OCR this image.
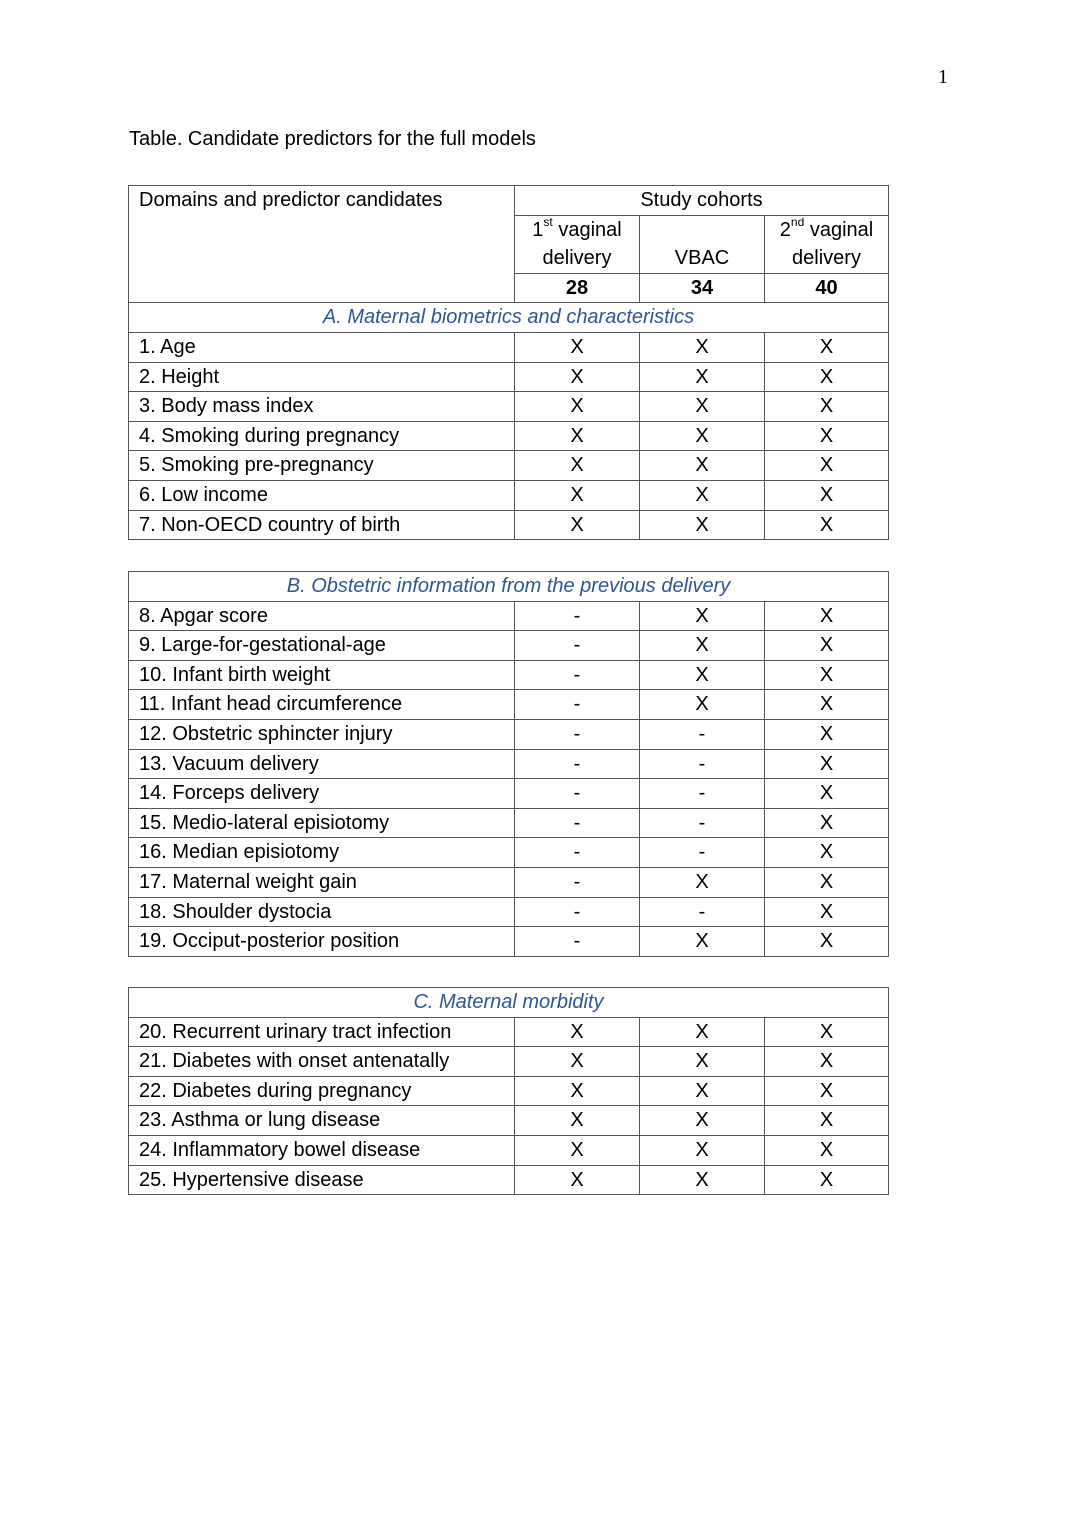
1
Table. Candidate predictors for the full models
Domains and predictor candidates	Study cohorts		
	1st vaginal		2nd vaginal
	delivery	VBAC	delivery
	28	34	40
A. Maternal biometrics and characteristics			
1. Age	X	X	X
2. Height	X	X	X
3. Body mass index	X	X	X
4. Smoking during pregnancy	X	X	X
5. Smoking pre-pregnancy	X	X	X
6. Low income	X	X	X
7. Non-OECD country of birth	X	X	X
B. Obstetric information from the previous delivery			
8. Apgar score	-	X	X
9. Large-for-gestational-age	-	X	X
10. Infant birth weight	-	X	X
11. Infant head circumference	-	X	X
12. Obstetric sphincter injury	-	-	X
13. Vacuum delivery	-	-	X
14. Forceps delivery	-	-	X
15. Medio-lateral episiotomy	-	-	X
16. Median episiotomy	-	-	X
17. Maternal weight gain	-	X	X
18. Shoulder dystocia	-	-	X
19. Occiput-posterior position	-	X	X
C. Maternal morbidity			
20. Recurrent urinary tract infection	X	X	X
21. Diabetes with onset antenatally	X	X	X
22. Diabetes during pregnancy	X	X	X
23. Asthma or lung disease	X	X	X
24. Inflammatory bowel disease	X	X	X
25. Hypertensive disease	X	X	X
